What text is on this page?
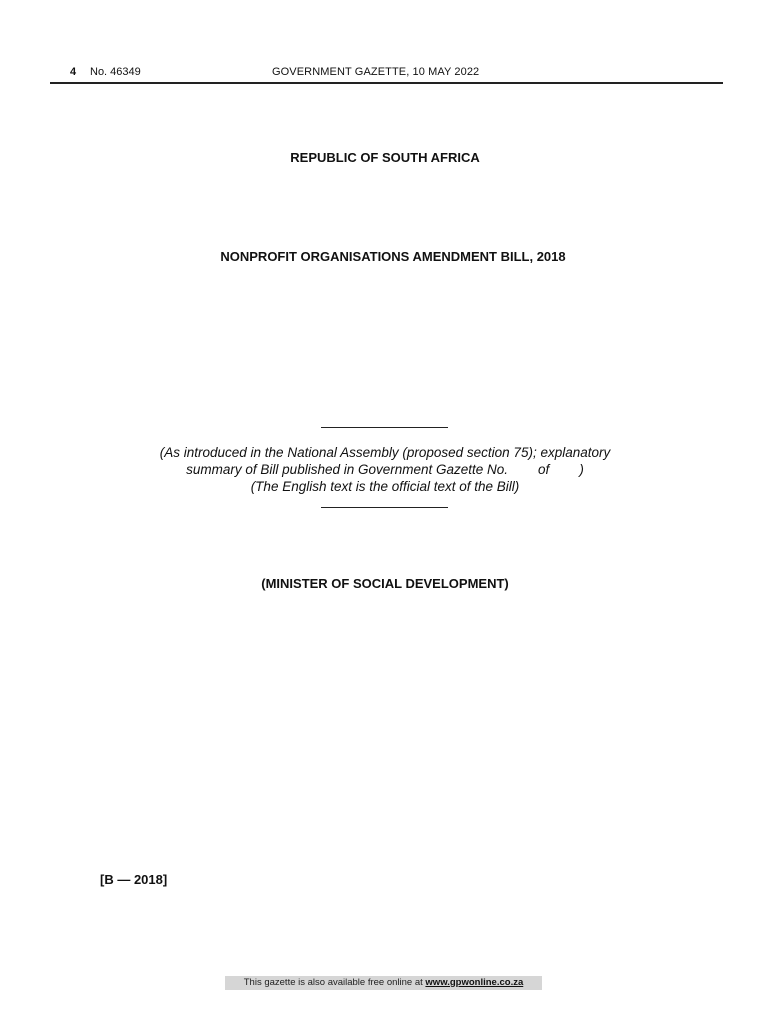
4 No. 46349	GOVERNMENT GAZETTE, 10 MAY 2022
REPUBLIC OF SOUTH AFRICA
NONPROFIT ORGANISATIONS AMENDMENT BILL, 2018
(As introduced in the National Assembly (proposed section 75); explanatory
summary of Bill published in Government Gazette No.        of        )
(The English text is the official text of the Bill)
(MINISTER OF SOCIAL DEVELOPMENT)
[B — 2018]
This gazette is also available free online at www.gpwonline.co.za
